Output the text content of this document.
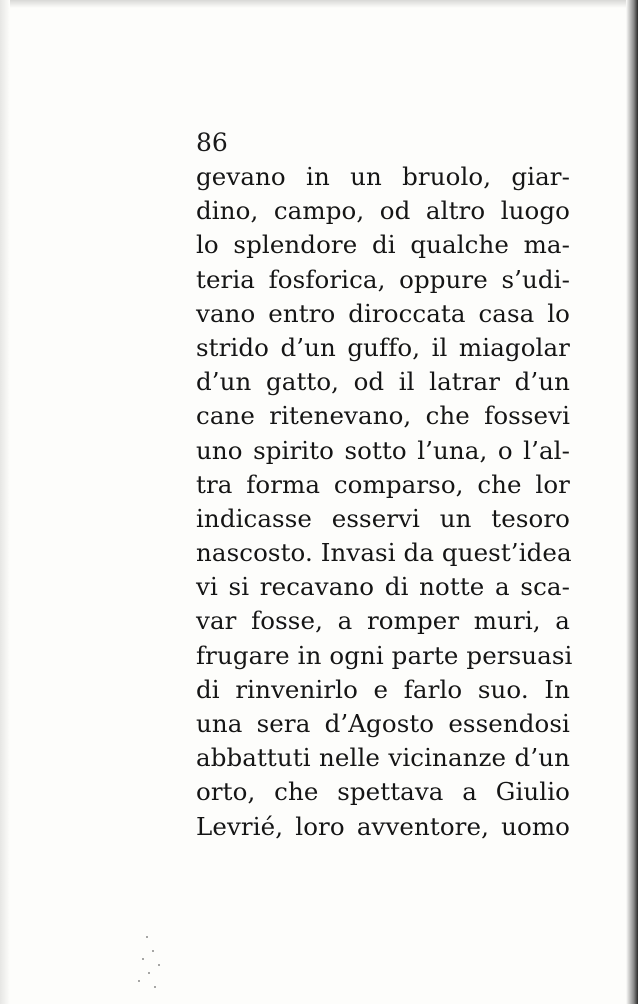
86
gevano in un bruolo, giar-
dino, campo, od altro luogo
lo splendore di qualche ma-
teria fosforica, oppure s’udi-
vano entro diroccata casa lo
strido d’un guffo, il miagolar
d’un gatto, od il latrar d’un
cane ritenevano, che fossevi
uno spirito sotto l’una, o l’al-
tra forma comparso, che lor
indicasse esservi un tesoro
nascosto. Invasi da quest’idea
vi si recavano di notte a sca-
var fosse, a romper muri, a
frugare in ogni parte persuasi
di rinvenirlo e farlo suo. In
una sera d’Agosto essendosi
abbattuti nelle vicinanze d’un
orto, che spettava a Giulio
Levrié, loro avventore, uomo
